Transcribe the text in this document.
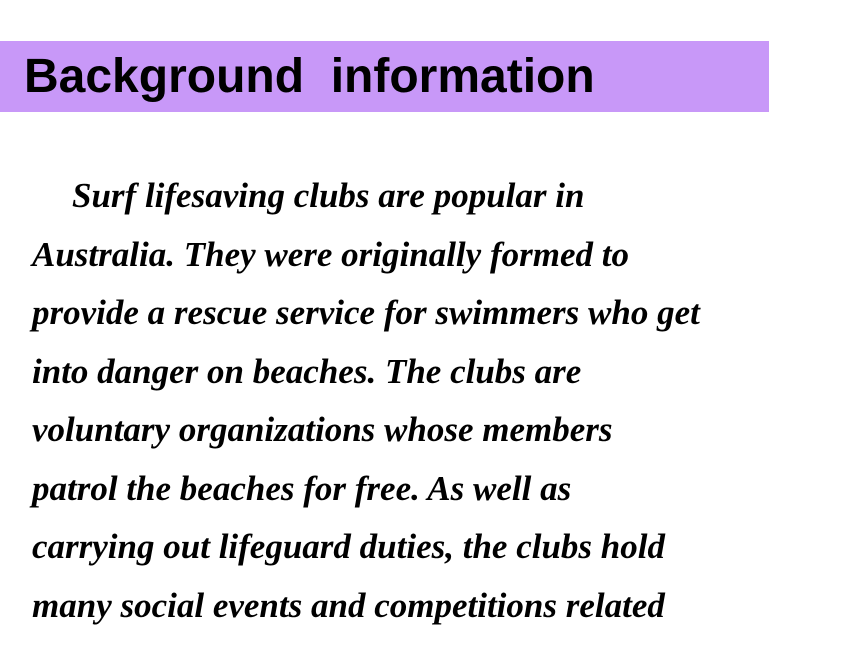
Background  information
Surf lifesaving clubs are popular in
Australia. They were originally formed to
provide a rescue service for swimmers who get
into danger on beaches. The clubs are
voluntary organizations whose members
patrol the beaches for free. As well as
carrying out lifeguard duties, the clubs hold
many social events and competitions related
